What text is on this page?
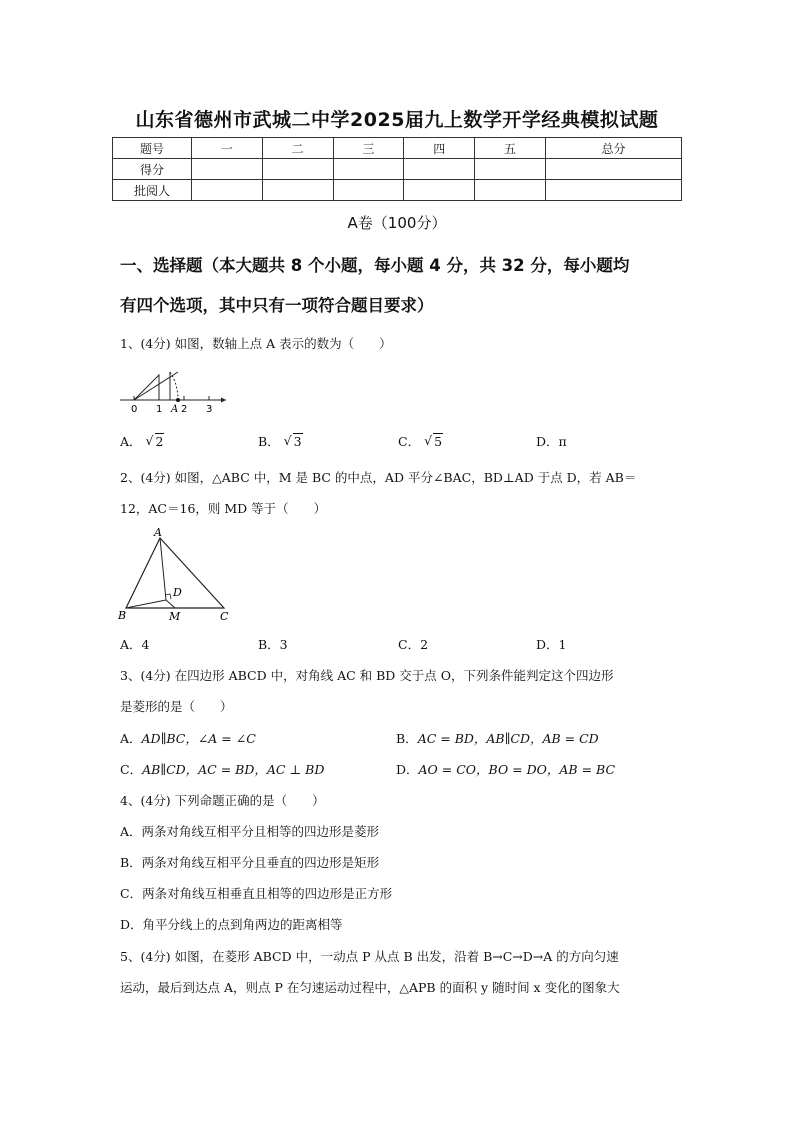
山东省德州市武城二中学2025届九上数学开学经典模拟试题
题号	一	二	三	四	五	总分
得分						
批阅人						
A卷（100分）
一、选择题（本大题共 8 个小题，每小题 4 分，共 32 分，每小题均
有四个选项，其中只有一项符合题目要求）
1、(4分) 如图，数轴上点 A 表示的数为（　　）
0 1 A 2 3
A． √ 2	B． √ 3	C． √ 5	D．π
2、(4分) 如图，△ABC 中，M 是 BC 的中点，AD 平分∠BAC，BD⊥AD 于点 D，若 AB＝
12，AC＝16，则 MD 等于（　　）
A
B	C
D
M
A．4	B．3	C．2	D．1
3、(4分) 在四边形 ABCD 中，对角线 AC 和 BD 交于点 O，下列条件能判定这个四边形
是菱形的是（　　）
A．AD∥BC，∠A = ∠C	B．AC = BD，AB∥CD，AB = CD
C．AB∥CD，AC = BD，AC ⊥ BD	D．AO = CO，BO = DO，AB = BC
4、(4分) 下列命题正确的是（　　）
A．两条对角线互相平分且相等的四边形是菱形
B．两条对角线互相平分且垂直的四边形是矩形
C．两条对角线互相垂直且相等的四边形是正方形
D．角平分线上的点到角两边的距离相等
5、(4分) 如图，在菱形 ABCD 中，一动点 P 从点 B 出发，沿着 B→C→D→A 的方向匀速
运动，最后到达点 A，则点 P 在匀速运动过程中，△APB 的面积 y 随时间 x 变化的图象大
